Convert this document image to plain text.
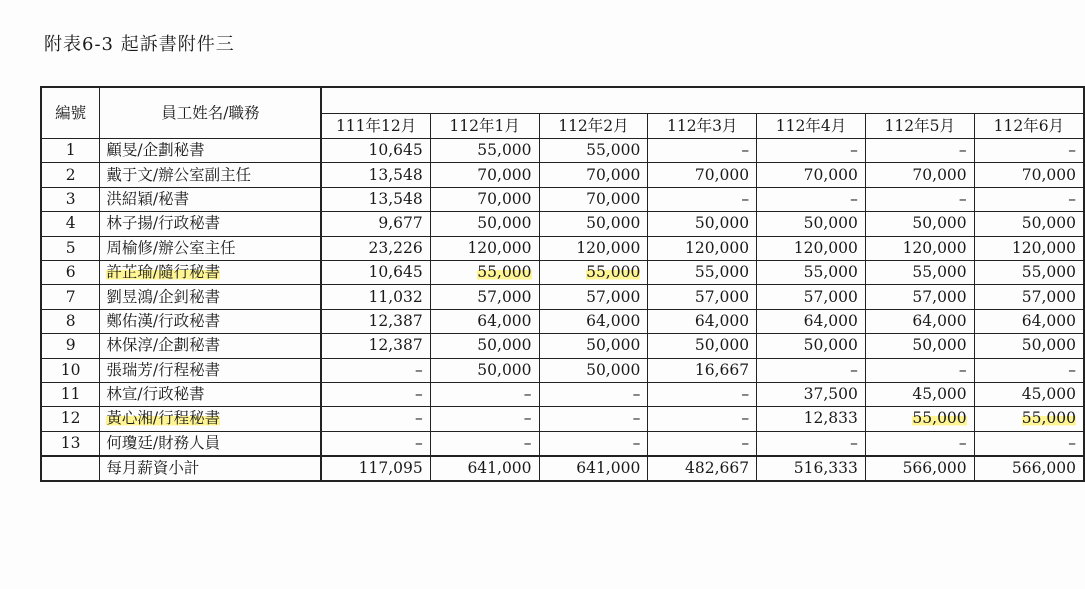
附表6-3 起訴書附件三
編號	員工姓名/職務							
		111年12月	112年1月	112年2月	112年3月	112年4月	112年5月	112年6月
1	顧旻/企劃秘書	10,645	55,000	55,000	–	–	–	–
2	戴于文/辦公室副主任	13,548	70,000	70,000	70,000	70,000	70,000	70,000
3	洪紹穎/秘書	13,548	70,000	70,000	–	–	–	–
4	林子揚/行政秘書	9,677	50,000	50,000	50,000	50,000	50,000	50,000
5	周榆修/辦公室主任	23,226	120,000	120,000	120,000	120,000	120,000	120,000
6	許芷瑜/隨行秘書	10,645	55,000	55,000	55,000	55,000	55,000	55,000
7	劉昱鴻/企釗秘書	11,032	57,000	57,000	57,000	57,000	57,000	57,000
8	鄭佑漢/行政秘書	12,387	64,000	64,000	64,000	64,000	64,000	64,000
9	林保淳/企劃秘書	12,387	50,000	50,000	50,000	50,000	50,000	50,000
10	張瑞芳/行程秘書	–	50,000	50,000	16,667	–	–	–
11	林宣/行政秘書	–	–	–	–	37,500	45,000	45,000
12	黃心湘/行程秘書	–	–	–	–	12,833	55,000	55,000
13	何瓊廷/財務人員	–	–	–	–	–	–	–
	每月薪資小計	117,095	641,000	641,000	482,667	516,333	566,000	566,000
